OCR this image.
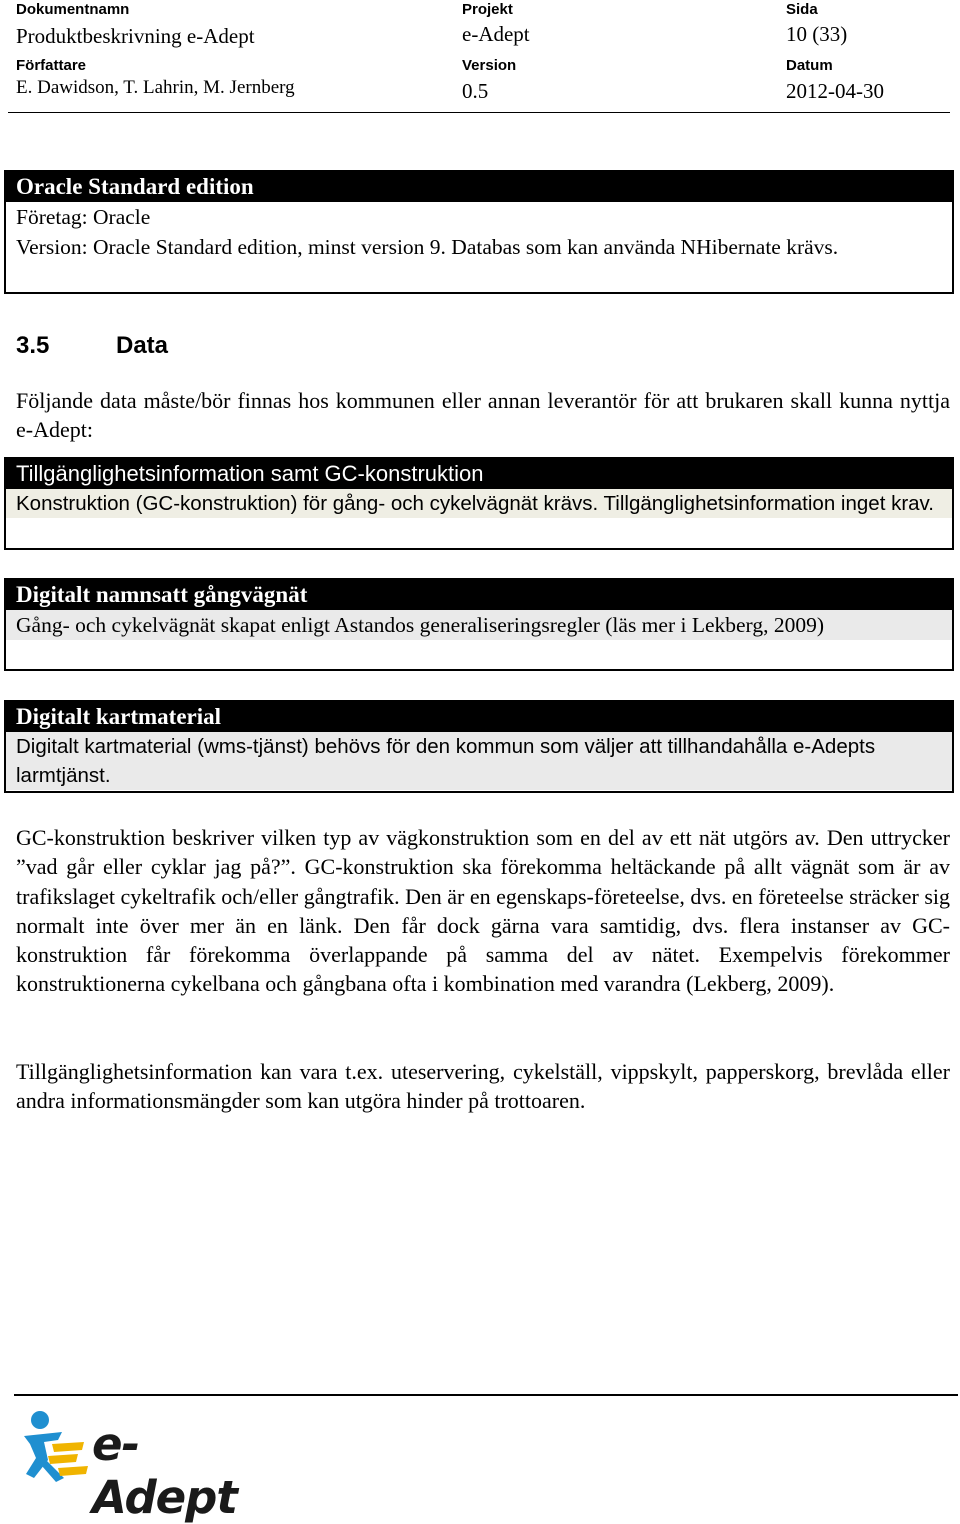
Dokumentnamn
Produktbeskrivning e-Adept
Projekt
e-Adept
Sida
10 (33)
Författare
E. Dawidson, T. Lahrin, M. Jernberg
Version
0.5
Datum
2012-04-30
Oracle Standard edition
Företag: Oracle
Version: Oracle Standard edition, minst version 9. Databas som kan använda NHibernate krävs.
3.5	Data
Följande data måste/bör finnas hos kommunen eller annan leverantör för att brukaren skall kunna nyttja e-Adept:
Tillgänglighetsinformation samt GC-konstruktion
Konstruktion (GC-konstruktion) för gång- och cykelvägnät krävs. Tillgänglighetsinformation inget krav.
Digitalt namnsatt gångvägnät
Gång- och cykelvägnät skapat enligt Astandos generaliseringsregler (läs mer i Lekberg, 2009)
Digitalt kartmaterial
Digitalt kartmaterial (wms-tjänst) behövs för den kommun som väljer att tillhandahålla e-Adepts larmtjänst.
GC-konstruktion beskriver vilken typ av vägkonstruktion som en del av ett nät utgörs av. Den uttrycker ”vad går eller cyklar jag på?”. GC-konstruktion ska förekomma heltäckande på allt vägnät som är av trafikslaget cykeltrafik och/eller gångtrafik. Den är en egenskaps-företeelse, dvs. en företeelse sträcker sig normalt inte över mer än en länk. Den får dock gärna vara samtidig, dvs. flera instanser av GC-konstruktion får förekomma överlappande på samma del av nätet. Exempelvis förekommer konstruktionerna cykelbana och gångbana ofta i kombination med varandra (Lekberg, 2009).
Tillgänglighetsinformation kan vara t.ex. uteservering, cykelställ, vippskylt, papperskorg, brevlåda eller andra informationsmängder som kan utgöra hinder på trottoaren.
e-Adept
